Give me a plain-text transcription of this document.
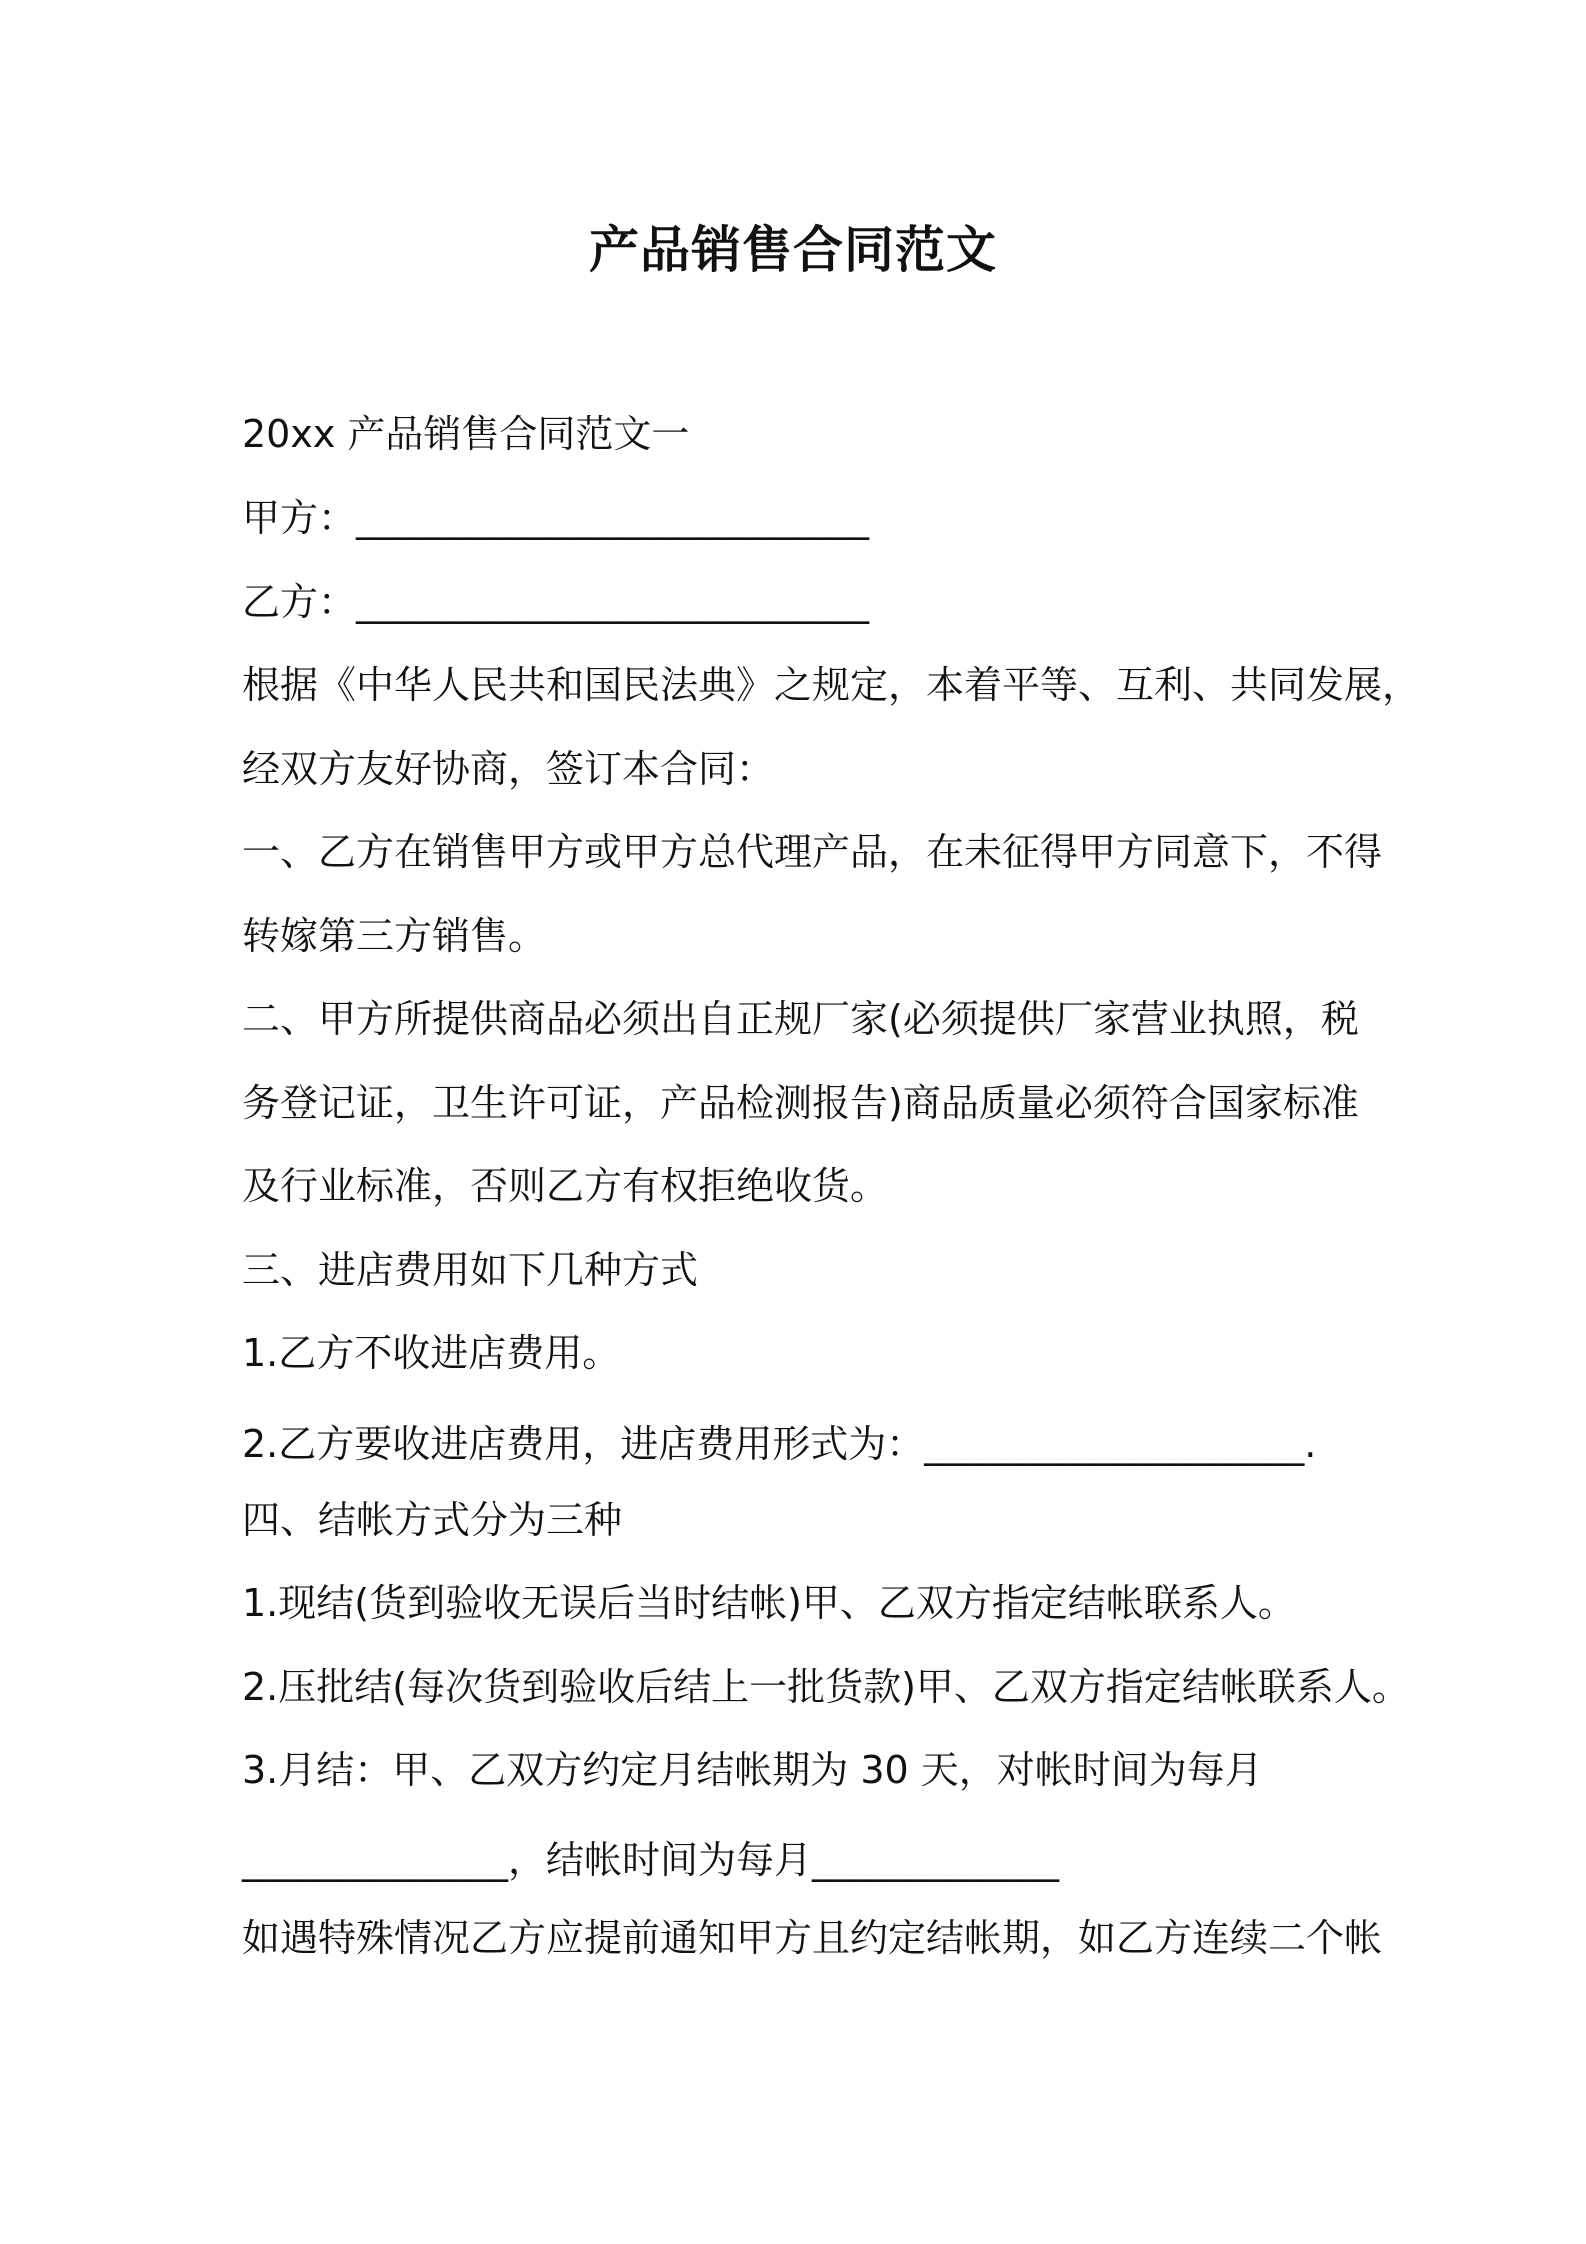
产品销售合同范文
20xx 产品销售合同范文一
甲方：___________________________
乙方：___________________________
根据《中华人民共和国民法典》之规定，本着平等、互利、共同发展，
经双方友好协商，签订本合同：
一、乙方在销售甲方或甲方总代理产品，在未征得甲方同意下，不得
转嫁第三方销售。
二、甲方所提供商品必须出自正规厂家(必须提供厂家营业执照，税
务登记证，卫生许可证，产品检测报告)商品质量必须符合国家标准
及行业标准，否则乙方有权拒绝收货。
三、进店费用如下几种方式
1.乙方不收进店费用。
2.乙方要收进店费用，进店费用形式为：____________________.
四、结帐方式分为三种
1.现结(货到验收无误后当时结帐)甲、乙双方指定结帐联系人。
2.压批结(每次货到验收后结上一批货款)甲、乙双方指定结帐联系人。
3.月结：甲、乙双方约定月结帐期为 30 天，对帐时间为每月
______________，结帐时间为每月_____________
如遇特殊情况乙方应提前通知甲方且约定结帐期，如乙方连续二个帐
